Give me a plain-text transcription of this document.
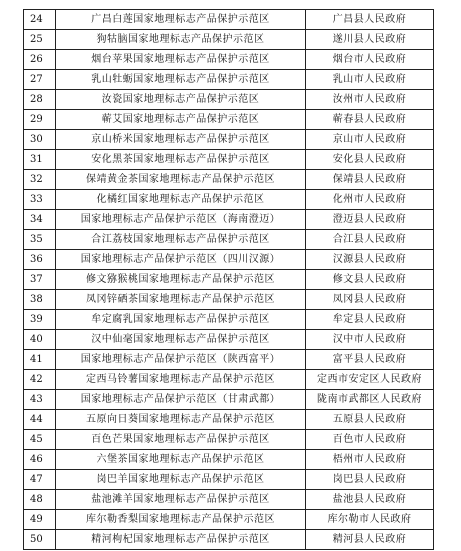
24	广昌白莲国家地理标志产品保护示范区	广昌县人民政府
25	狗牯脑国家地理标志产品保护示范区	遂川县人民政府
26	烟台苹果国家地理标志产品保护示范区	烟台市人民政府
27	乳山牡蛎国家地理标志产品保护示范区	乳山市人民政府
28	汝瓷国家地理标志产品保护示范区	汝州市人民政府
29	蕲艾国家地理标志产品保护示范区	蕲春县人民政府
30	京山桥米国家地理标志产品保护示范区	京山市人民政府
31	安化黑茶国家地理标志产品保护示范区	安化县人民政府
32	保靖黄金茶国家地理标志产品保护示范区	保靖县人民政府
33	化橘红国家地理标志产品保护示范区	化州市人民政府
34	国家地理标志产品保护示范区（海南澄迈）	澄迈县人民政府
35	合江荔枝国家地理标志产品保护示范区	合江县人民政府
36	国家地理标志产品保护示范区（四川汉源）	汉源县人民政府
37	修文猕猴桃国家地理标志产品保护示范区	修文县人民政府
38	凤冈锌硒茶国家地理标志产品保护示范区	凤冈县人民政府
39	牟定腐乳国家地理标志产品保护示范区	牟定县人民政府
40	汉中仙毫国家地理标志产品保护示范区	汉中市人民政府
41	国家地理标志产品保护示范区（陕西富平）	富平县人民政府
42	定西马铃薯国家地理标志产品保护示范区	定西市安定区人民政府
43	国家地理标志产品保护示范区（甘肃武都）	陇南市武都区人民政府
44	五原向日葵国家地理标志产品保护示范区	五原县人民政府
45	百色芒果国家地理标志产品保护示范区	百色市人民政府
46	六堡茶国家地理标志产品保护示范区	梧州市人民政府
47	岗巴羊国家地理标志产品保护示范区	岗巴县人民政府
48	盐池滩羊国家地理标志产品保护示范区	盐池县人民政府
49	库尔勒香梨国家地理标志产品保护示范区	库尔勒市人民政府
50	精河枸杞国家地理标志产品保护示范区	精河县人民政府
